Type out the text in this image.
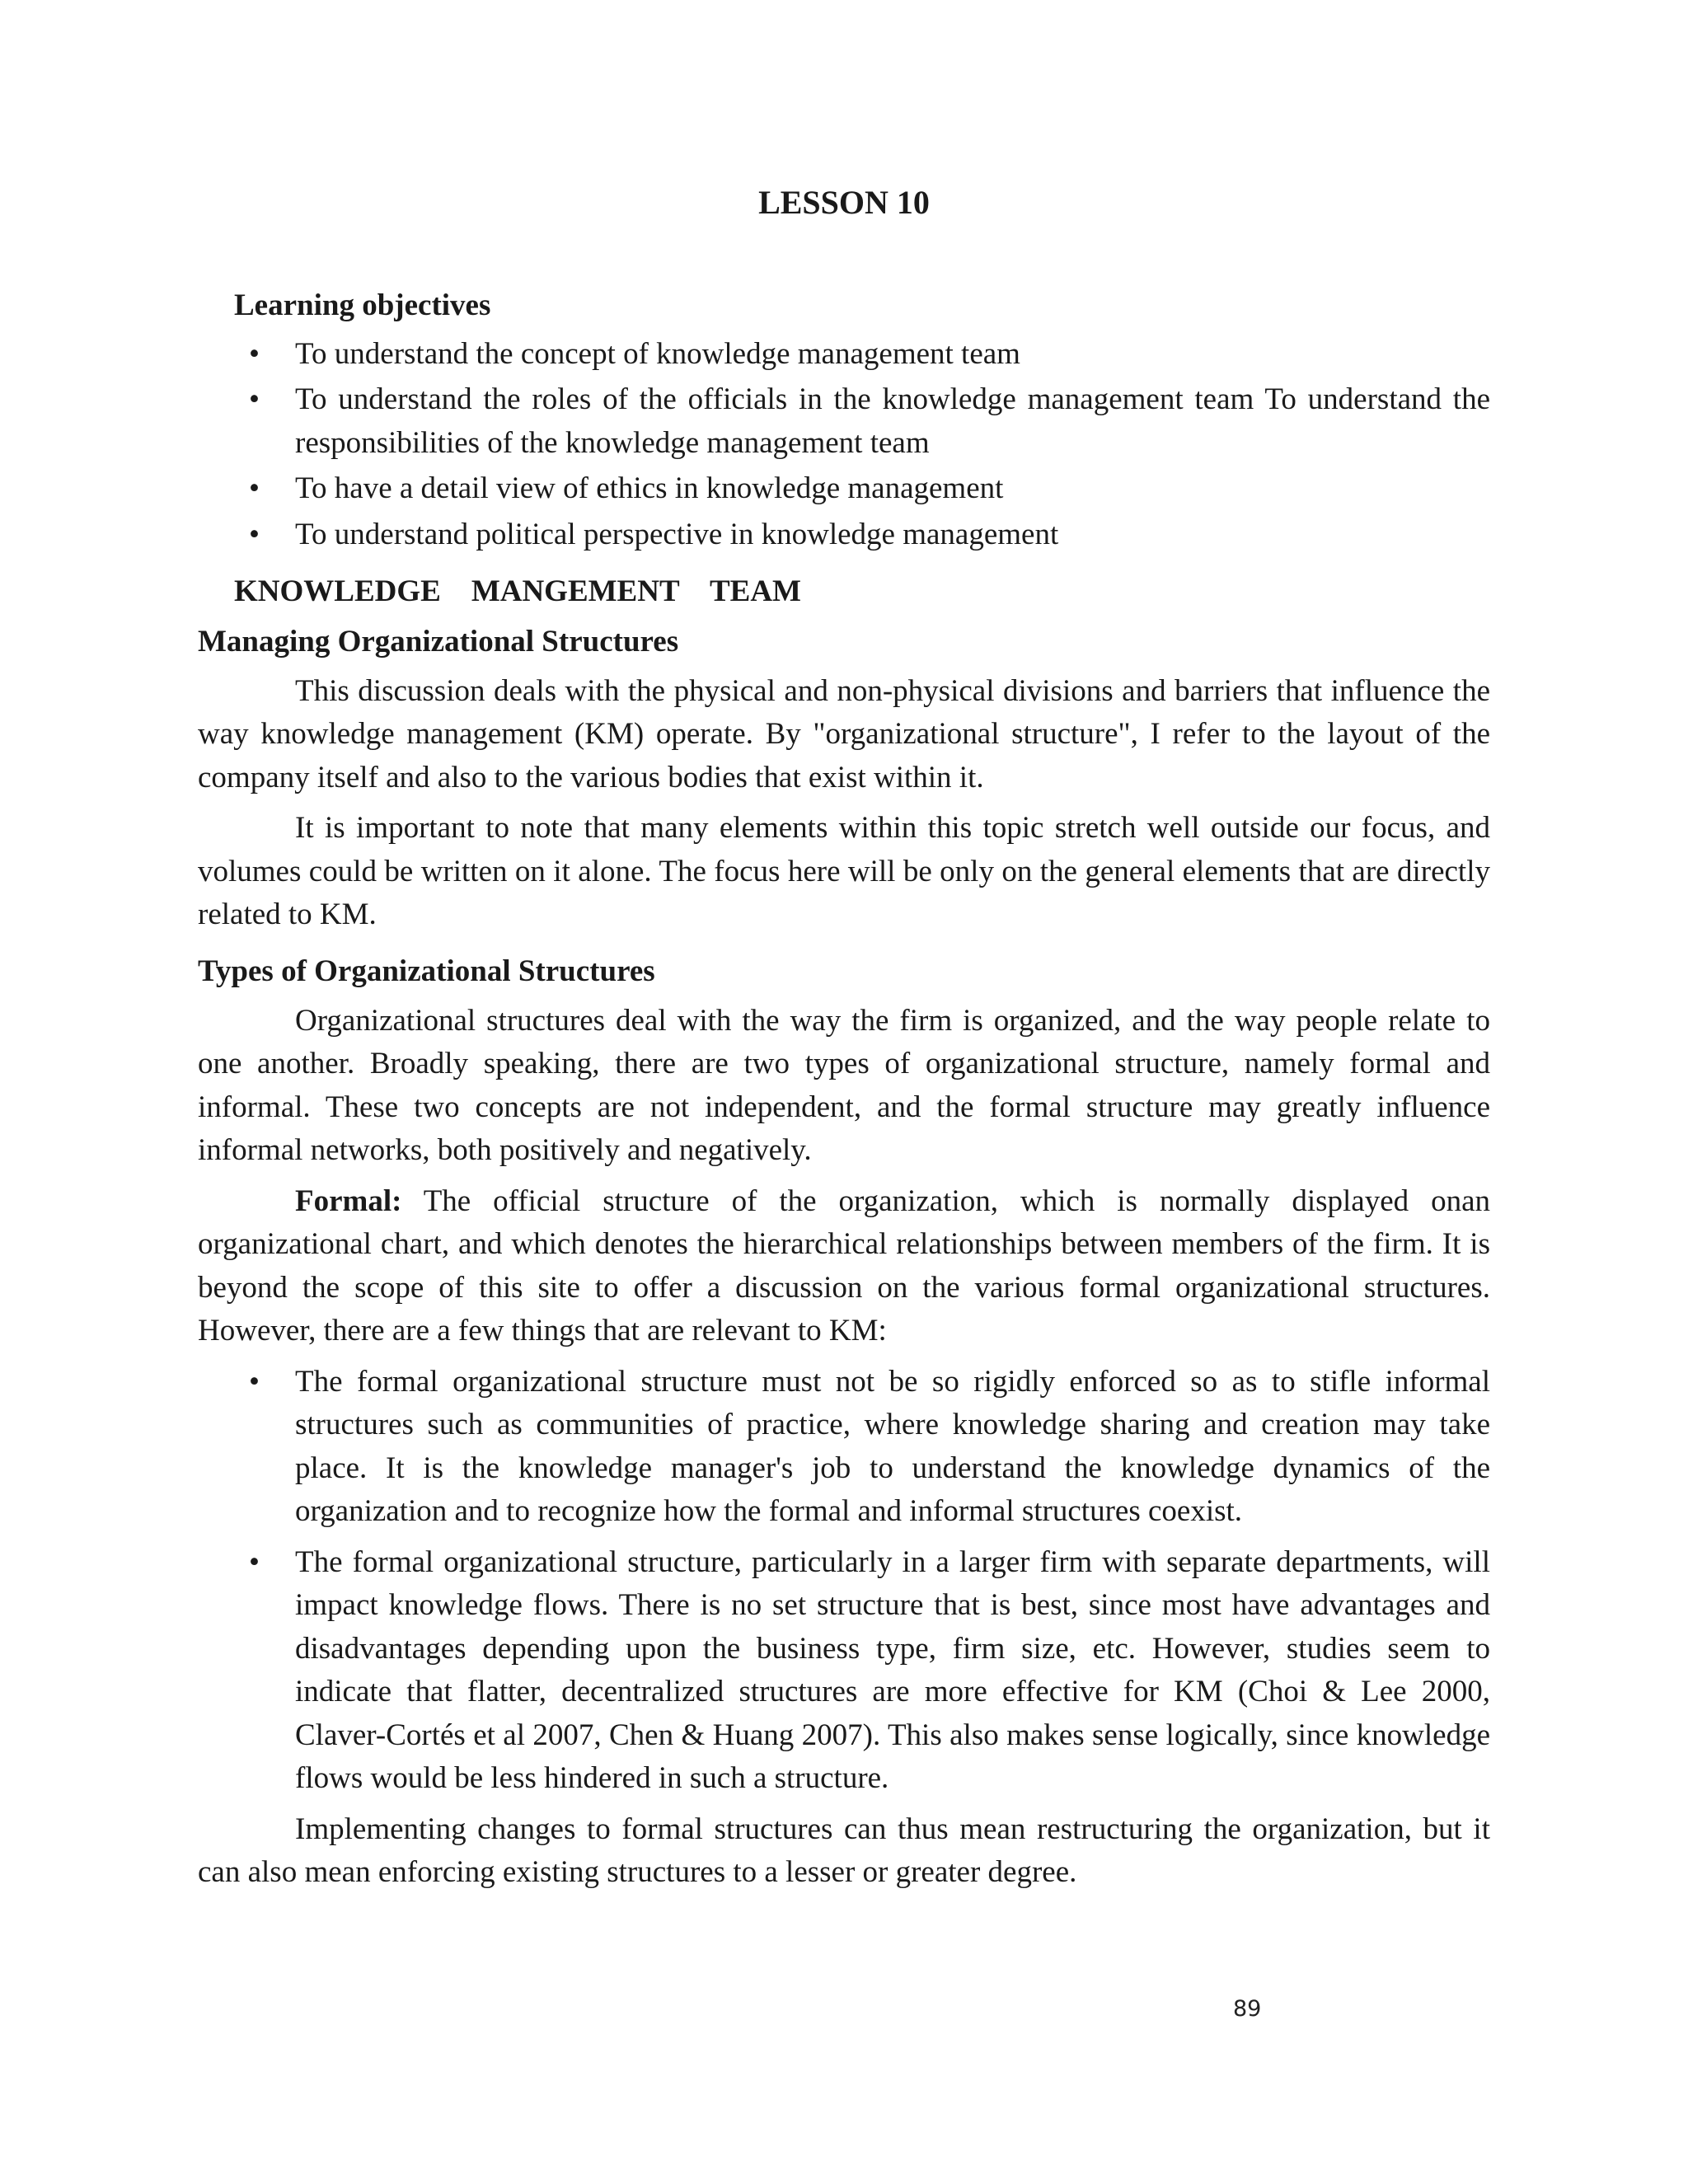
LESSON 10
Learning objectives
• To understand the concept of knowledge management team
• To understand the roles of the officials in the knowledge management team To understand the responsibilities of the knowledge management team
• To have a detail view of ethics in knowledge management
• To understand political perspective in knowledge management
KNOWLEDGE    MANGEMENT    TEAM
Managing Organizational Structures

This discussion deals with the physical and non-physical divisions and barriers that influence the way knowledge management (KM) operate. By "organizational structure", I refer to the layout of the company itself and also to the various bodies that exist within it.

It is important to note that many elements within this topic stretch well outside our focus, and volumes could be written on it alone. The focus here will be only on the general elements that are directly related to KM.

Types of Organizational Structures

Organizational structures deal with the way the firm is organized, and the way people relate to one another. Broadly speaking, there are two types of organizational structure, namely formal and informal. These two concepts are not independent, and the formal structure may greatly influence informal networks, both positively and negatively.

Formal: The official structure of the organization, which is normally displayed onan organizational chart, and which denotes the hierarchical relationships between members of the firm. It is beyond the scope of this site to offer a discussion on the various formal organizational structures. However, there are a few things that are relevant to KM:

• The formal organizational structure must not be so rigidly enforced so as to stifle informal structures such as communities of practice, where knowledge sharing and creation may take place. It is the knowledge manager's job to understand the knowledge dynamics of the organization and to recognize how the formal and informal structures coexist.
• The formal organizational structure, particularly in a larger firm with separate departments, will impact knowledge flows. There is no set structure that is best, since most have advantages and disadvantages depending upon the business type, firm size, etc. However, studies seem to indicate that flatter, decentralized structures are more effective for KM (Choi & Lee 2000, Claver-Cortés et al 2007, Chen & Huang 2007). This also makes sense logically, since knowledge flows would be less hindered in such a structure.

Implementing changes to formal structures can thus mean restructuring the organization, but it can also mean enforcing existing structures to a lesser or greater degree.

89
